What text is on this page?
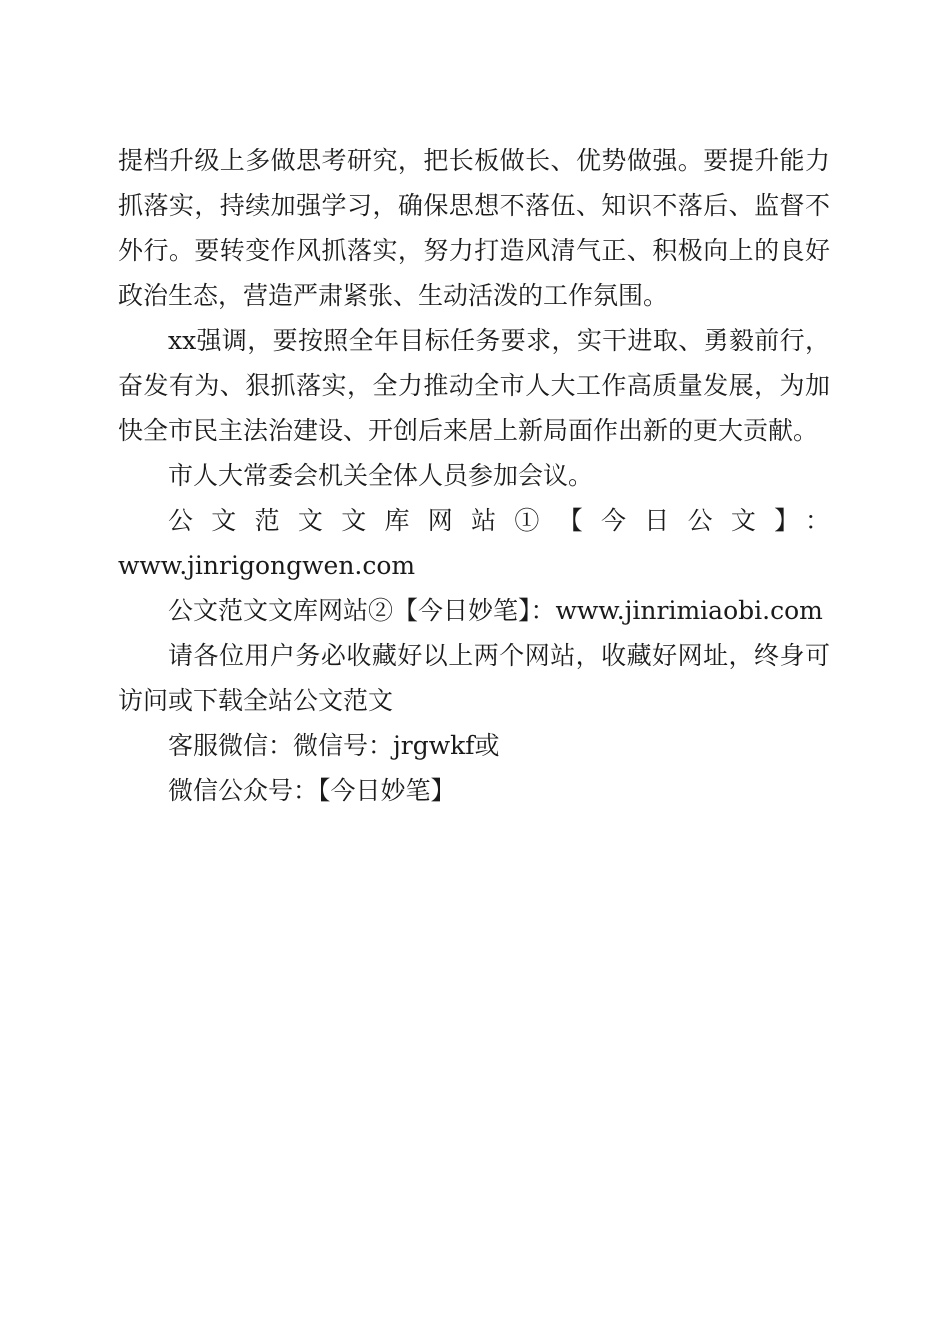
提档升级上多做思考研究，把长板做长、优势做强。要提升能力抓落实，持续加强学习，确保思想不落伍、知识不落后、监督不外行。要转变作风抓落实，努力打造风清气正、积极向上的良好政治生态，营造严肃紧张、生动活泼的工作氛围。

xx强调，要按照全年目标任务要求，实干进取、勇毅前行，奋发有为、狠抓落实，全力推动全市人大工作高质量发展，为加快全市民主法治建设、开创后来居上新局面作出新的更大贡献。

市人大常委会机关全体人员参加会议。

公文范文文库网站①【今日公文】：

www.jinrigongwen.com

公文范文文库网站②【今日妙笔】：www.jinrimiaobi.com

请各位用户务必收藏好以上两个网站，收藏好网址，终身可访问或下载全站公文范文

客服微信：微信号：jrgwkf或

微信公众号：【今日妙笔】
